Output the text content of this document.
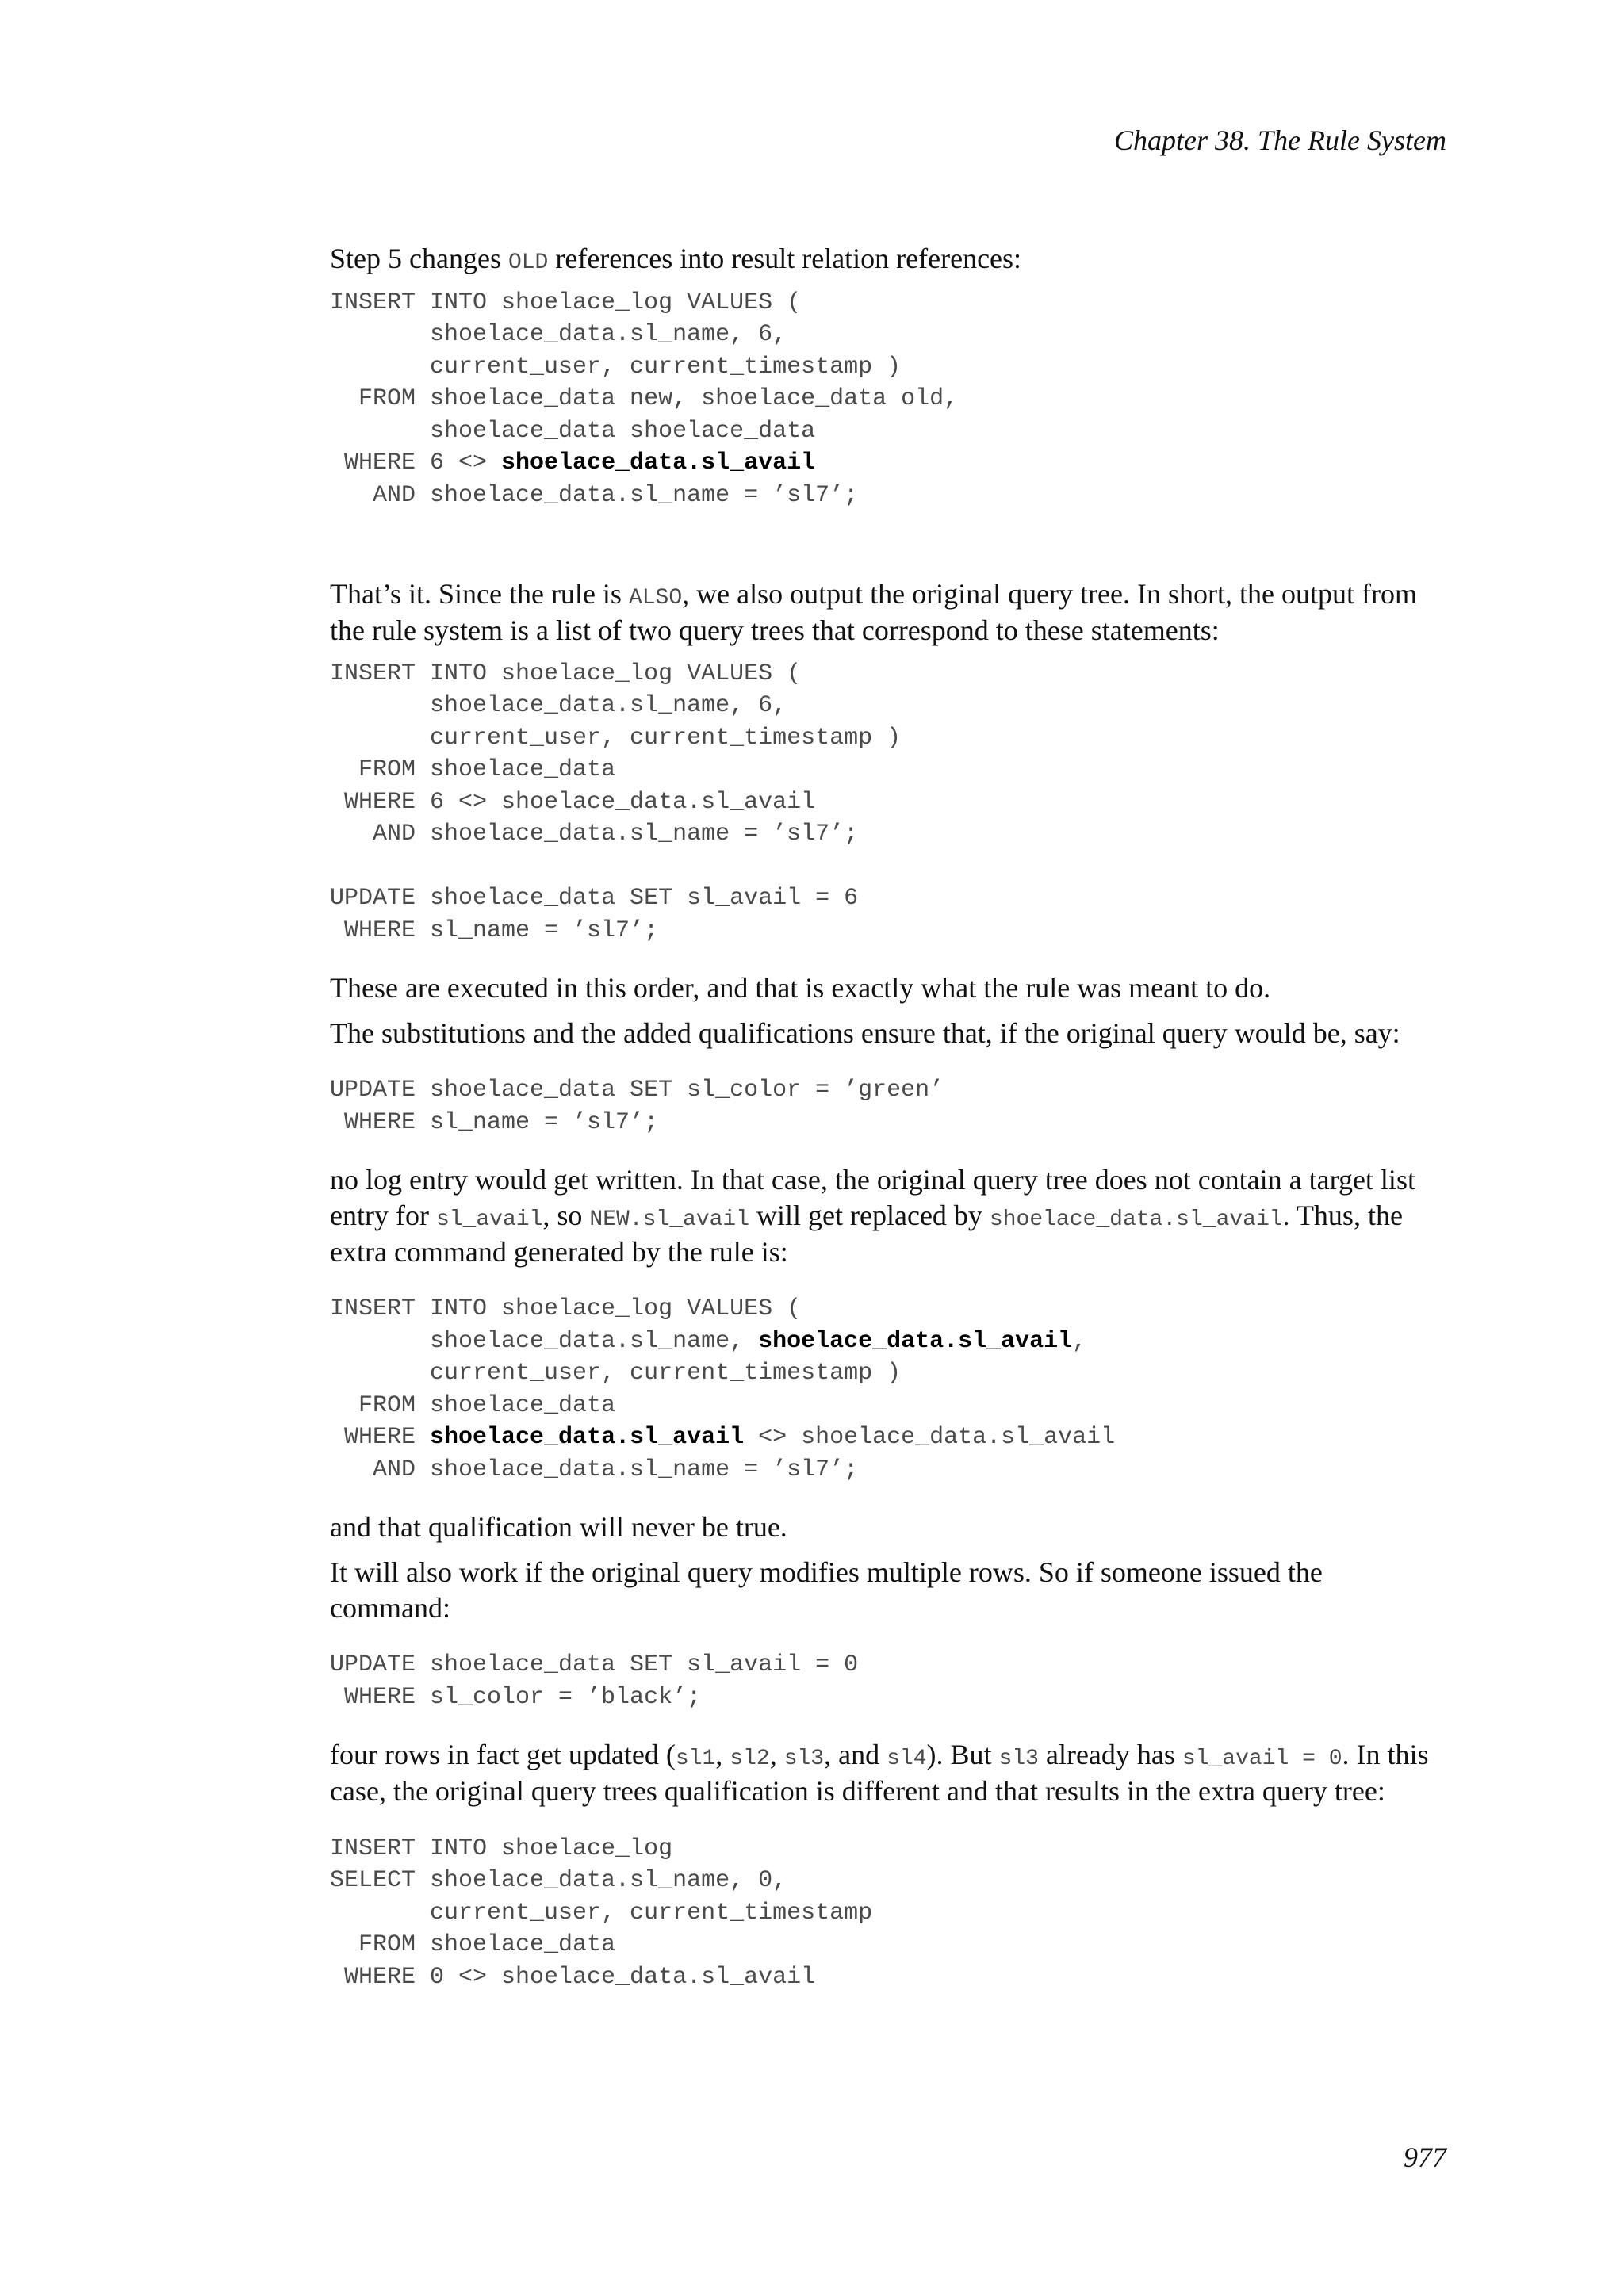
Chapter 38. The Rule System

Step 5 changes OLD references into result relation references:

INSERT INTO shoelace_log VALUES (
shoelace_data.sl_name, 6,
current_user, current_timestamp )
FROM shoelace_data new, shoelace_data old,
shoelace_data shoelace_data
WHERE 6 <> shoelace_data.sl_avail
AND shoelace_data.sl_name = ’sl7’;

That’s it. Since the rule is ALSO, we also output the original query tree. In short, the output from the rule system is a list of two query trees that correspond to these statements:

INSERT INTO shoelace_log VALUES (
shoelace_data.sl_name, 6,
current_user, current_timestamp )
FROM shoelace_data
WHERE 6 <> shoelace_data.sl_avail
AND shoelace_data.sl_name = ’sl7’;

UPDATE shoelace_data SET sl_avail = 6
WHERE sl_name = ’sl7’;

These are executed in this order, and that is exactly what the rule was meant to do.

The substitutions and the added qualifications ensure that, if the original query would be, say:

UPDATE shoelace_data SET sl_color = ’green’
WHERE sl_name = ’sl7’;

no log entry would get written. In that case, the original query tree does not contain a target list entry for sl_avail, so NEW.sl_avail will get replaced by shoelace_data.sl_avail. Thus, the extra command generated by the rule is:

INSERT INTO shoelace_log VALUES (
shoelace_data.sl_name, shoelace_data.sl_avail,
current_user, current_timestamp )
FROM shoelace_data
WHERE shoelace_data.sl_avail <> shoelace_data.sl_avail
AND shoelace_data.sl_name = ’sl7’;

and that qualification will never be true.

It will also work if the original query modifies multiple rows. So if someone issued the command:

UPDATE shoelace_data SET sl_avail = 0
WHERE sl_color = ’black’;

four rows in fact get updated (sl1, sl2, sl3, and sl4). But sl3 already has sl_avail = 0. In this case, the original query trees qualification is different and that results in the extra query tree:

INSERT INTO shoelace_log
SELECT shoelace_data.sl_name, 0,
current_user, current_timestamp
FROM shoelace_data
WHERE 0 <> shoelace_data.sl_avail
977
